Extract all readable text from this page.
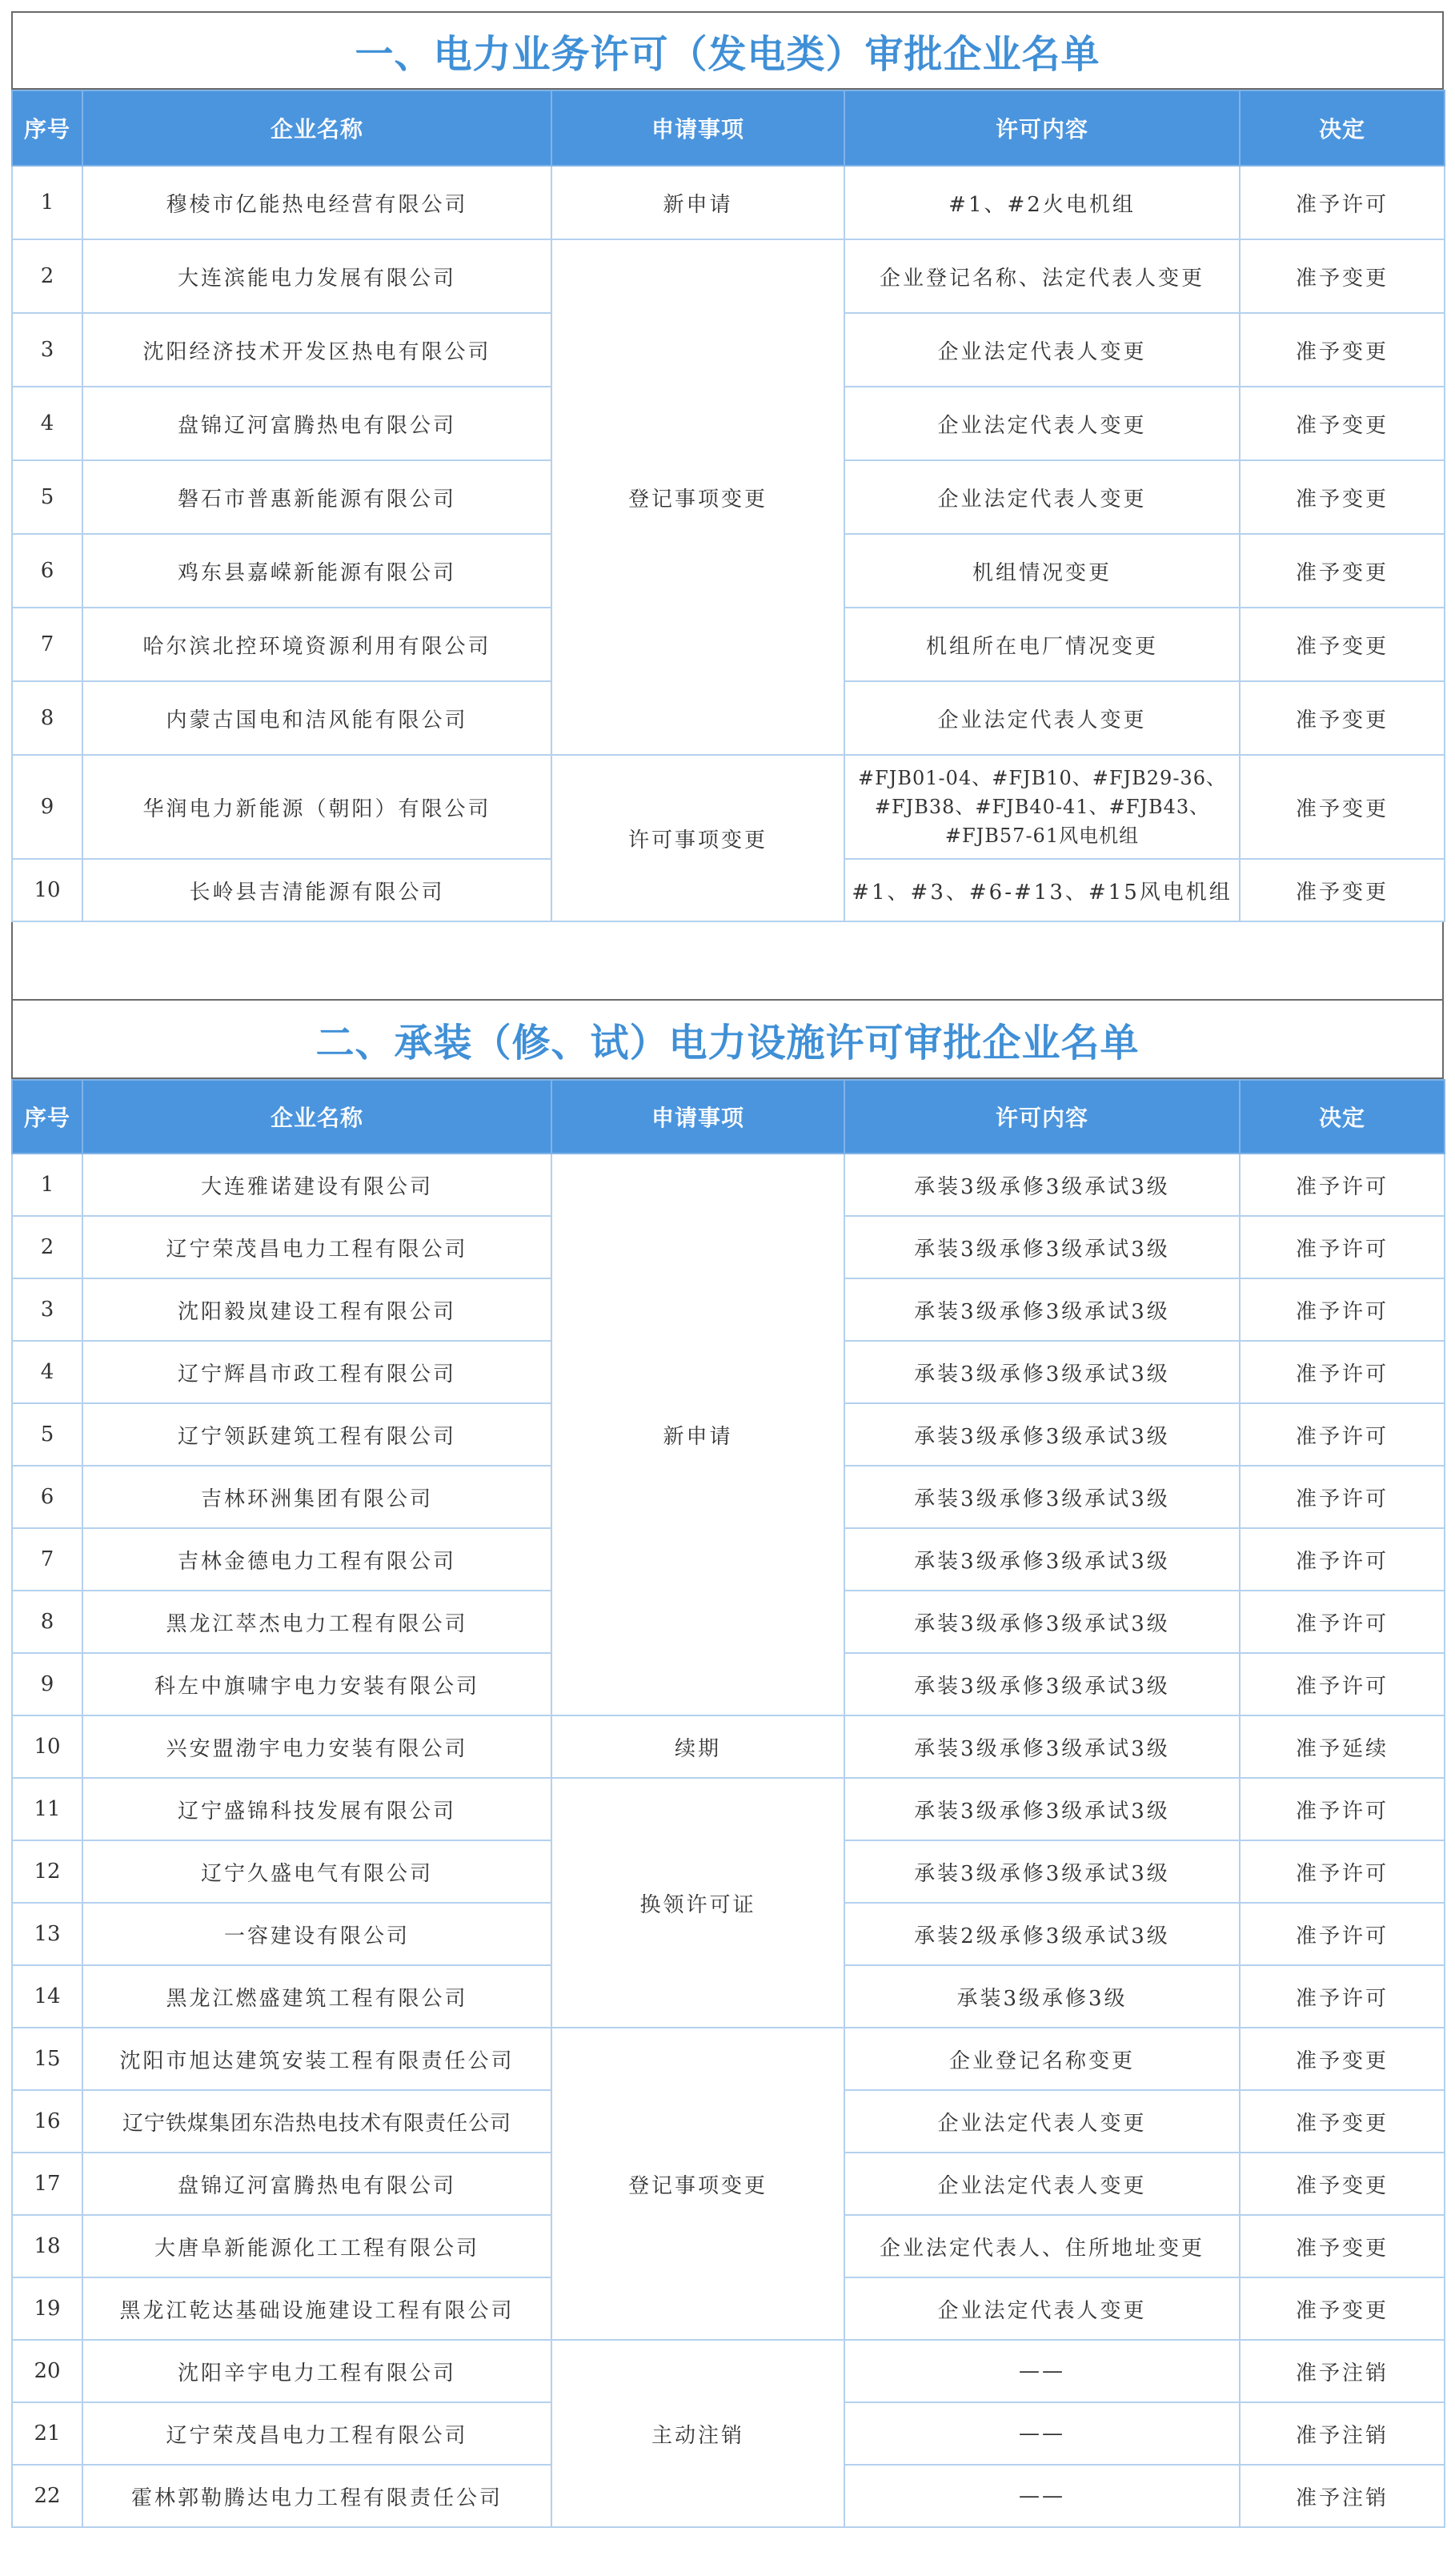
一、电力业务许可（发电类）审批企业名单
序号	企业名称	申请事项	许可内容	决定
1	穆棱市亿能热电经营有限公司	新申请	#1、#2火电机组	准予许可
2	大连滨能电力发展有限公司	登记事项变更	企业登记名称、法定代表人变更	准予变更
3	沈阳经济技术开发区热电有限公司		企业法定代表人变更	准予变更
4	盘锦辽河富腾热电有限公司		企业法定代表人变更	准予变更
5	磐石市普惠新能源有限公司		企业法定代表人变更	准予变更
6	鸡东县嘉嵘新能源有限公司		机组情况变更	准予变更
7	哈尔滨北控环境资源利用有限公司		机组所在电厂情况变更	准予变更
8	内蒙古国电和洁风能有限公司		企业法定代表人变更	准予变更
9	华润电力新能源（朝阳）有限公司	许可事项变更	#FJB01-04、#FJB10、#FJB29-36、
#FJB38、#FJB40-41、#FJB43、
#FJB57-61风电机组	准予变更
10	长岭县吉清能源有限公司		#1、#3、#6-#13、#15风电机组	准予变更
二、承装（修、试）电力设施许可审批企业名单
序号	企业名称	申请事项	许可内容	决定
1	大连雅诺建设有限公司	新申请	承装3级承修3级承试3级	准予许可
2	辽宁荣茂昌电力工程有限公司		承装3级承修3级承试3级	准予许可
3	沈阳毅岚建设工程有限公司		承装3级承修3级承试3级	准予许可
4	辽宁辉昌市政工程有限公司		承装3级承修3级承试3级	准予许可
5	辽宁领跃建筑工程有限公司		承装3级承修3级承试3级	准予许可
6	吉林环洲集团有限公司		承装3级承修3级承试3级	准予许可
7	吉林金德电力工程有限公司		承装3级承修3级承试3级	准予许可
8	黑龙江萃杰电力工程有限公司		承装3级承修3级承试3级	准予许可
9	科左中旗啸宇电力安装有限公司		承装3级承修3级承试3级	准予许可
10	兴安盟渤宇电力安装有限公司	续期	承装3级承修3级承试3级	准予延续
11	辽宁盛锦科技发展有限公司	换领许可证	承装3级承修3级承试3级	准予许可
12	辽宁久盛电气有限公司		承装3级承修3级承试3级	准予许可
13	一容建设有限公司		承装2级承修3级承试3级	准予许可
14	黑龙江燃盛建筑工程有限公司		承装3级承修3级	准予许可
15	沈阳市旭达建筑安装工程有限责任公司	登记事项变更	企业登记名称变更	准予变更
16	辽宁铁煤集团东浩热电技术有限责任公司		企业法定代表人变更	准予变更
17	盘锦辽河富腾热电有限公司		企业法定代表人变更	准予变更
18	大唐阜新能源化工工程有限公司		企业法定代表人、住所地址变更	准予变更
19	黑龙江乾达基础设施建设工程有限公司		企业法定代表人变更	准予变更
20	沈阳辛宇电力工程有限公司	主动注销	——	准予注销
21	辽宁荣茂昌电力工程有限公司		——	准予注销
22	霍林郭勒腾达电力工程有限责任公司		——	准予注销
